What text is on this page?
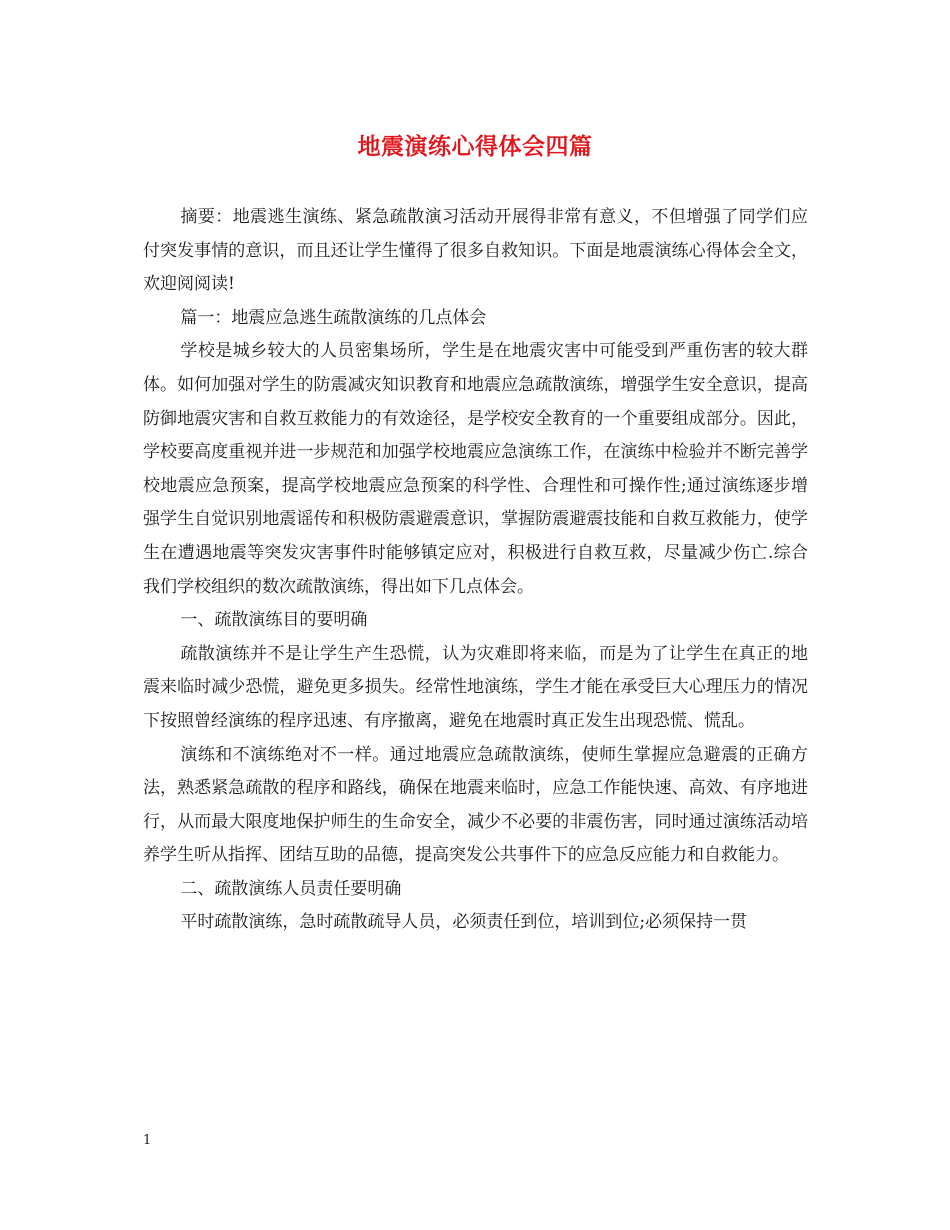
地震演练心得体会四篇

摘要：地震逃生演练、紧急疏散演习活动开展得非常有意义，不但增强了同学们应付突发事情的意识，而且还让学生懂得了很多自救知识。下面是地震演练心得体会全文，欢迎阅阅读!

篇一：地震应急逃生疏散演练的几点体会

学校是城乡较大的人员密集场所，学生是在地震灾害中可能受到严重伤害的较大群体。如何加强对学生的防震减灾知识教育和地震应急疏散演练，增强学生安全意识，提高防御地震灾害和自救互救能力的有效途径，是学校安全教育的一个重要组成部分。因此，学校要高度重视并进一步规范和加强学校地震应急演练工作，在演练中检验并不断完善学校地震应急预案，提高学校地震应急预案的科学性、合理性和可操作性;通过演练逐步增强学生自觉识别地震谣传和积极防震避震意识，掌握防震避震技能和自救互救能力，使学生在遭遇地震等突发灾害事件时能够镇定应对，积极进行自救互救，尽量减少伤亡.综合我们学校组织的数次疏散演练，得出如下几点体会。

一、疏散演练目的要明确

疏散演练并不是让学生产生恐慌，认为灾难即将来临，而是为了让学生在真正的地震来临时减少恐慌，避免更多损失。经常性地演练，学生才能在承受巨大心理压力的情况下按照曾经演练的程序迅速、有序撤离，避免在地震时真正发生出现恐慌、慌乱。

演练和不演练绝对不一样。通过地震应急疏散演练，使师生掌握应急避震的正确方法，熟悉紧急疏散的程序和路线，确保在地震来临时，应急工作能快速、高效、有序地进行，从而最大限度地保护师生的生命安全，减少不必要的非震伤害，同时通过演练活动培养学生听从指挥、团结互助的品德，提高突发公共事件下的应急反应能力和自救能力。

二、疏散演练人员责任要明确

平时疏散演练，急时疏散疏导人员，必须责任到位，培训到位;必须保持一贯

1
